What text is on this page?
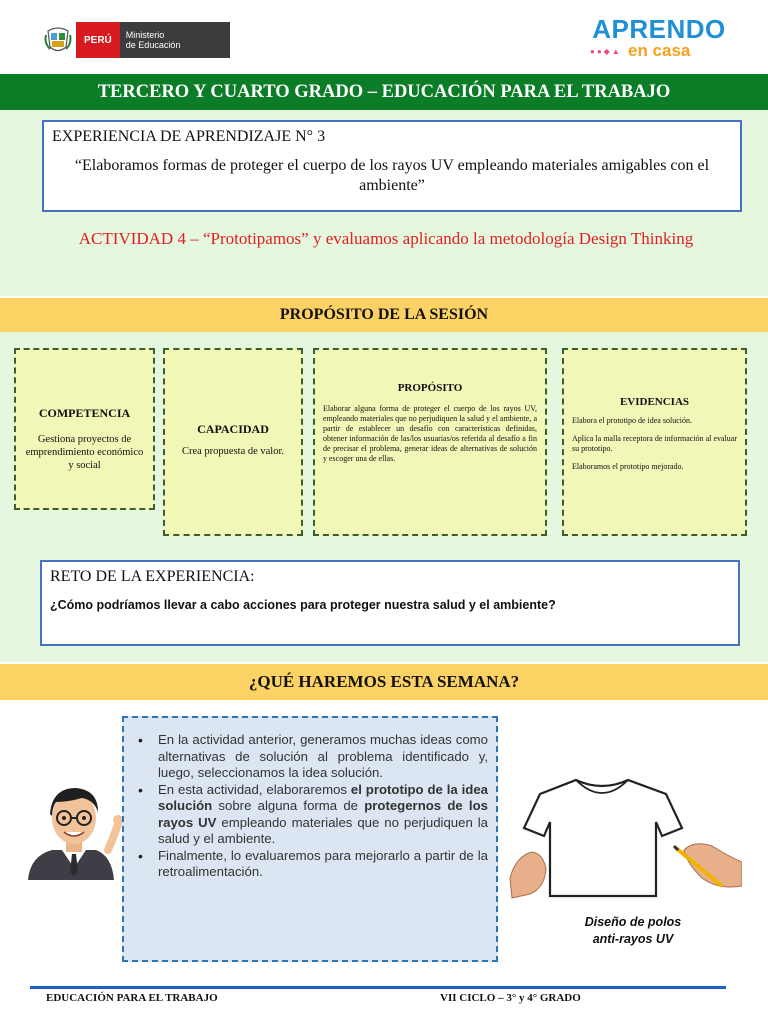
PERÚ	Ministerio
de Educación
APRENDO
en casa
●●◆▲
TERCERO Y CUARTO GRADO – EDUCACIÓN PARA EL TRABAJO
EXPERIENCIA DE APRENDIZAJE N° 3
“Elaboramos formas de proteger el cuerpo de los rayos UV empleando materiales amigables con el ambiente”
ACTIVIDAD 4 – “Prototipamos” y evaluamos aplicando la metodología Design Thinking
PROPÓSITO DE LA SESIÓN
COMPETENCIA
Gestiona proyectos de emprendimiento económico y social
CAPACIDAD
Crea propuesta de valor.
PROPÓSITO
Elaborar alguna forma de proteger el cuerpo de los rayos UV, empleando materiales que no perjudiquen la salud y el ambiente, a partir de establecer un desafío con características definidas, obtener información de las/los usuarias/os referida al desafío a fin de precisar el problema, generar ideas de alternativas de solución y escoger una de ellas.
EVIDENCIAS
Elabora el prototipo de idea solución.
Aplica la malla receptora de información al evaluar su prototipo.
Elaboramos el prototipo mejorado.
RETO DE LA EXPERIENCIA:
¿Cómo podríamos llevar a cabo acciones para proteger nuestra salud y el ambiente?
¿QUÉ HAREMOS ESTA SEMANA?
• En la actividad anterior, generamos muchas ideas como alternativas de solución al problema identificado y, luego, seleccionamos la idea solución.
• En esta actividad, elaboraremos el prototipo de la idea solución sobre alguna forma de protegernos de los rayos UV empleando materiales que no perjudiquen la salud y el ambiente.
• Finalmente, lo evaluaremos para mejorarlo a partir de la retroalimentación.
Diseño de polos
anti-rayos UV
EDUCACIÓN PARA EL TRABAJO	VII CICLO – 3° y 4° GRADO
